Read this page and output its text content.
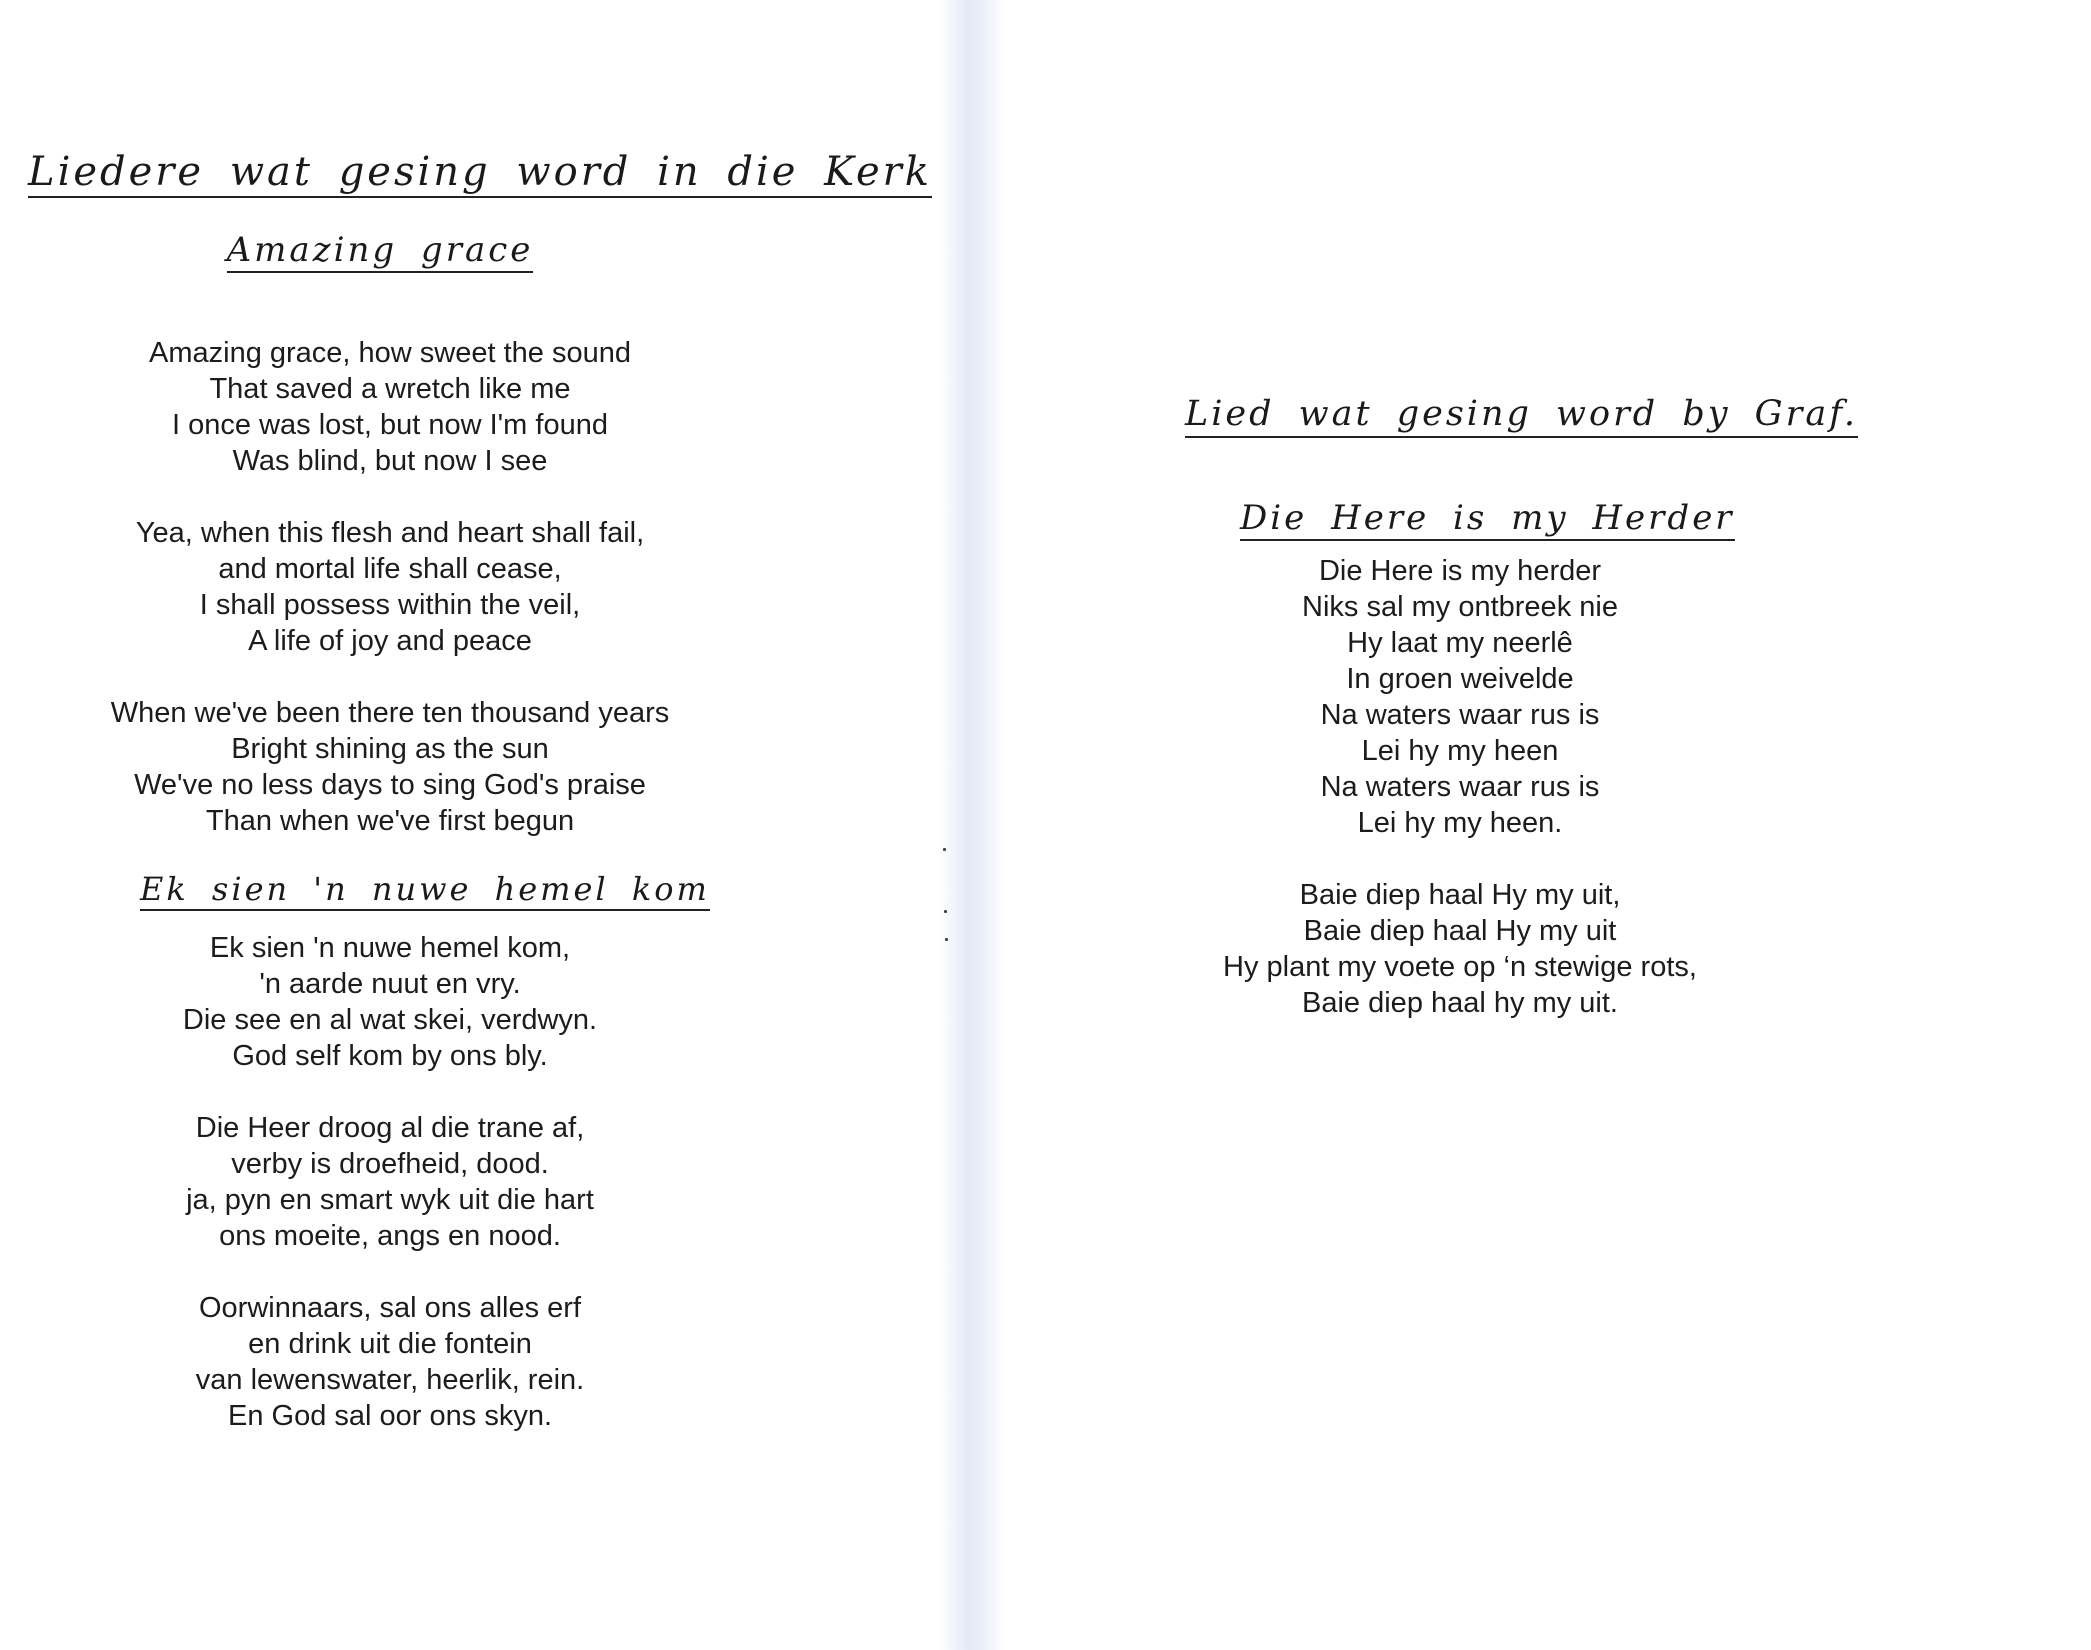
Liedere wat gesing word in die Kerk
Amazing grace
Amazing grace, how sweet the sound
That saved a wretch like me
I once was lost, but now I'm found
Was blind, but now I see
Yea, when this flesh and heart shall fail,
and mortal life shall cease,
I shall possess within the veil,
A life of joy and peace
When we've been there ten thousand years
Bright shining as the sun
We've no less days to sing God's praise
Than when we've first begun
Ek sien 'n nuwe hemel kom
Ek sien 'n nuwe hemel kom,
'n aarde nuut en vry.
Die see en al wat skei, verdwyn.
God self kom by ons bly.
Die Heer droog al die trane af,
verby is droefheid, dood.
ja, pyn en smart wyk uit die hart
ons moeite, angs en nood.
Oorwinnaars, sal ons alles erf
en drink uit die fontein
van lewenswater, heerlik, rein.
En God sal oor ons skyn.
Lied wat gesing word by Graf.
Die Here is my Herder
Die Here is my herder
Niks sal my ontbreek nie
Hy laat my neerlê
In groen weivelde
Na waters waar rus is
Lei hy my heen
Na waters waar rus is
Lei hy my heen.
Baie diep haal Hy my uit,
Baie diep haal Hy my uit
Hy plant my voete op ‘n stewige rots,
Baie diep haal hy my uit.
